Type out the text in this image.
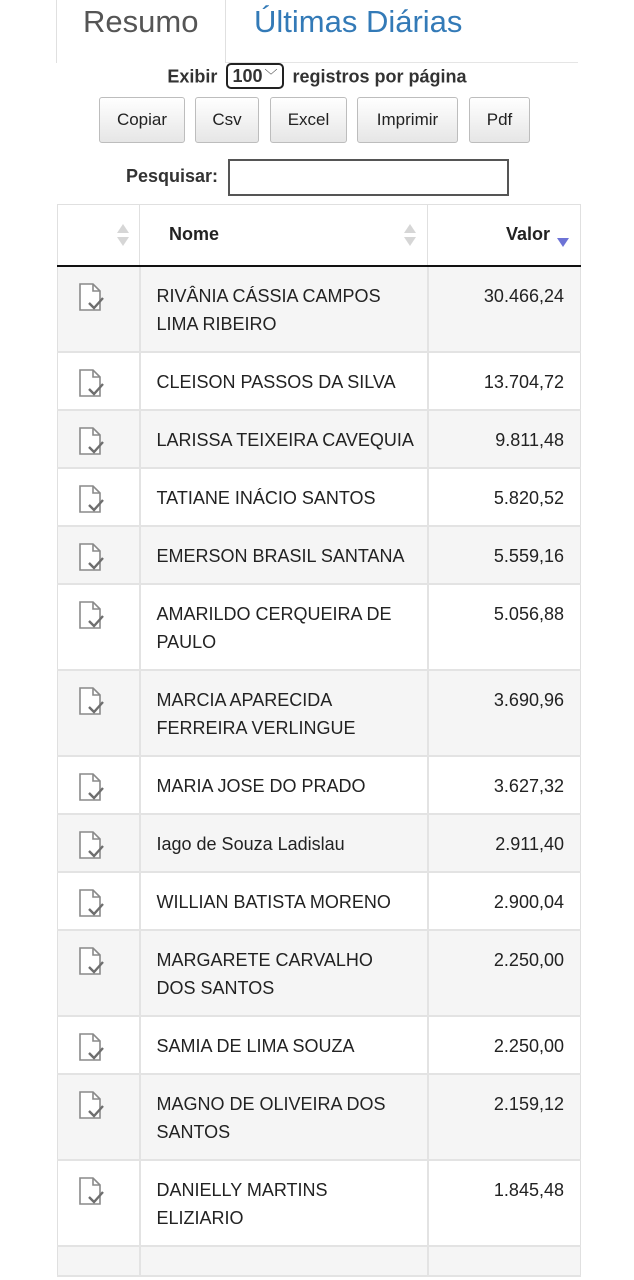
Resumo	Últimas Diárias
Exibir 100 ﹀ registros por página
Copiar	Csv	Excel	Imprimir	Pdf
Pesquisar:
	Nome	Valor

	RIVÂNIA CÁSSIA CAMPOS LIMA RIBEIRO	30.466,24
	CLEISON PASSOS DA SILVA	13.704,72
	LARISSA TEIXEIRA CAVEQUIA	9.811,48
	TATIANE INÁCIO SANTOS	5.820,52
	EMERSON BRASIL SANTANA	5.559,16
	AMARILDO CERQUEIRA DE PAULO	5.056,88
	MARCIA APARECIDA FERREIRA VERLINGUE	3.690,96
	MARIA JOSE DO PRADO	3.627,32
	Iago de Souza Ladislau	2.911,40
	WILLIAN BATISTA MORENO	2.900,04
	MARGARETE CARVALHO DOS SANTOS	2.250,00
	SAMIA DE LIMA SOUZA	2.250,00
	MAGNO DE OLIVEIRA DOS SANTOS	2.159,12
	DANIELLY MARTINS ELIZIARIO	1.845,48
